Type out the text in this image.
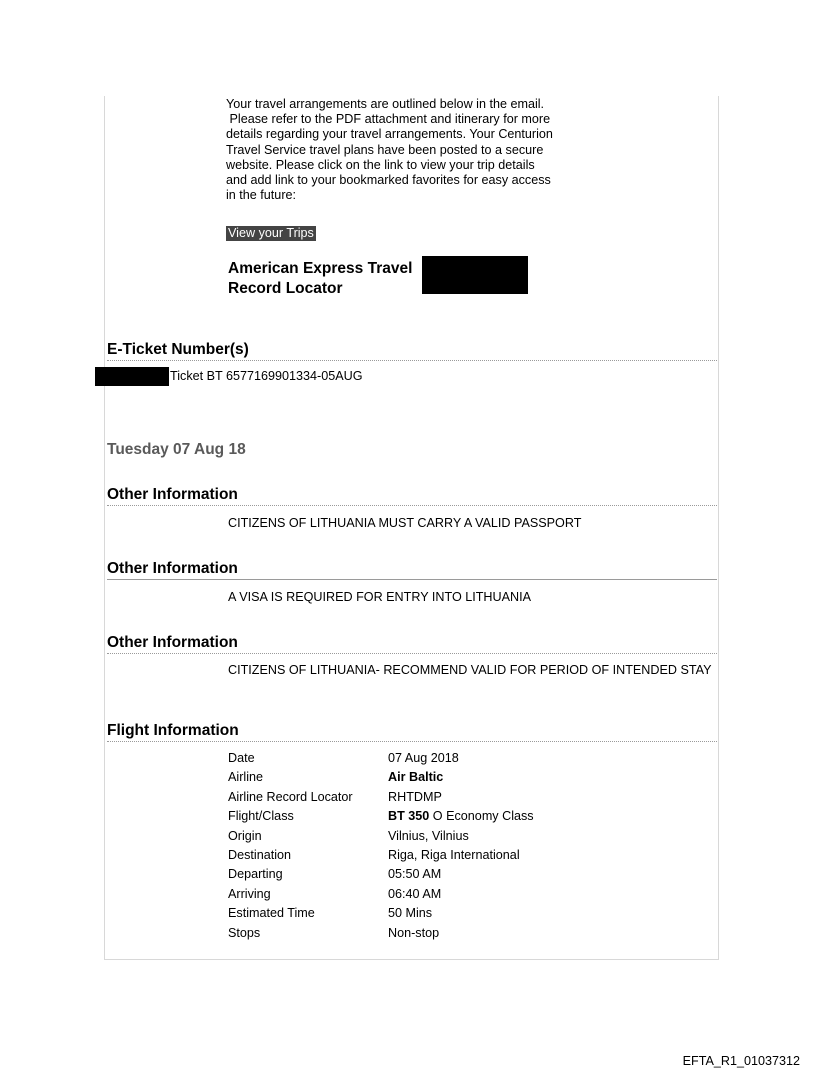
Your travel arrangements are outlined below in the email.
Please refer to the PDF attachment and itinerary for more
details regarding your travel arrangements. Your Centurion
Travel Service travel plans have been posted to a secure
website. Please click on the link to view your trip details
and add link to your bookmarked favorites for easy access
in the future:
View your Trips
American Express Travel
Record Locator
E-Ticket Number(s)
Ticket BT 6577169901334-05AUG
Tuesday 07 Aug 18
Other Information
CITIZENS OF LITHUANIA MUST CARRY A VALID PASSPORT
Other Information
A VISA IS REQUIRED FOR ENTRY INTO LITHUANIA
Other Information
CITIZENS OF LITHUANIA- RECOMMEND VALID FOR PERIOD OF INTENDED STAY
Flight Information
Date	07 Aug 2018
Airline	Air Baltic
Airline Record Locator	RHTDMP
Flight/Class	BT 350 O Economy Class
Origin	Vilnius, Vilnius
Destination	Riga, Riga International
Departing	05:50 AM
Arriving	06:40 AM
Estimated Time	50 Mins
Stops	Non-stop
EFTA_R1_01037312
